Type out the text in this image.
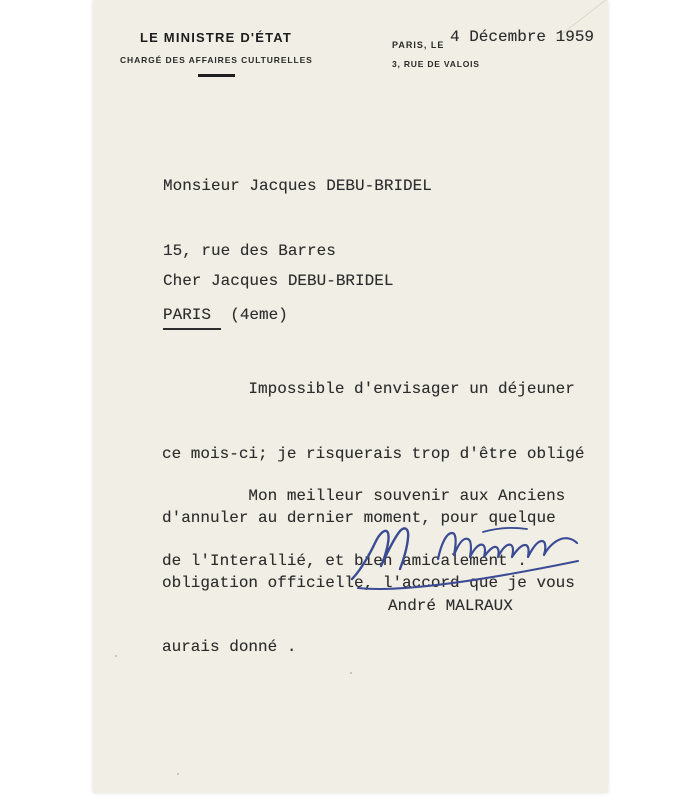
LE MINISTRE D'ÉTAT
CHARGÉ DES AFFAIRES CULTURELLES
PARIS, LE 4 Décembre 1959
3, RUE DE VALOIS

Monsieur Jacques DEBU-BRIDEL

15, rue des Barres

PARIS  (4eme)

Cher Jacques DEBU-BRIDEL

Impossible d'envisager un déjeuner

ce mois-ci; je risquerais trop d'être obligé

d'annuler au dernier moment, pour quelque

obligation officielle, l'accord que je vous

aurais donné .

Mon meilleur souvenir aux Anciens

de l'Interallié, et bien amicalement .

André MALRAUX
